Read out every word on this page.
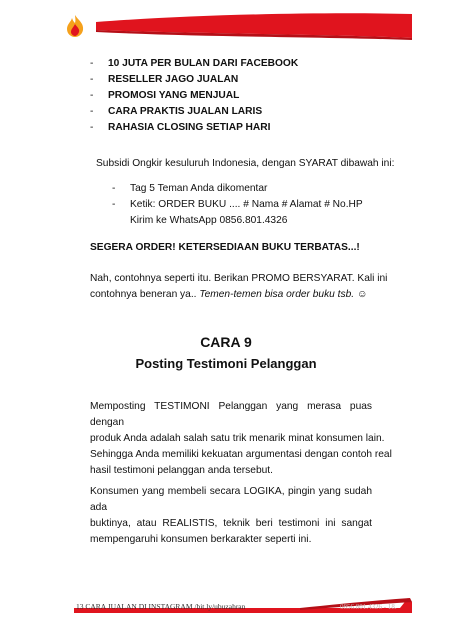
- 10 JUTA PER BULAN DARI FACEBOOK
- RESELLER JAGO JUALAN
- PROMOSI YANG MENJUAL
- CARA PRAKTIS JUALAN LARIS
- RAHASIA CLOSING SETIAP HARI
Subsidi Ongkir kesuluruh Indonesia, dengan SYARAT dibawah ini:
- Tag 5 Teman Anda dikomentar
- Ketik: ORDER BUKU .... # Nama # Alamat # No.HP
Kirim ke WhatsApp 0856.801.4326
SEGERA ORDER! KETERSEDIAAN BUKU TERBATAS...!
Nah, contohnya seperti itu. Berikan PROMO BERSYARAT. Kali ini
contohnya beneran ya.. Temen-temen bisa order buku tsb. ☺
CARA 9
Posting Testimoni Pelanggan
Memposting TESTIMONI Pelanggan yang merasa puas dengan
produk Anda adalah salah satu trik menarik minat konsumen lain.
Sehingga Anda memiliki kekuatan argumentasi dengan contoh real
hasil testimoni pelanggan anda tersebut.
Konsumen yang membeli secara LOGIKA, pingin yang sudah ada
buktinya, atau REALISTIS, teknik beri testimoni ini sangat
mempengaruhi konsumen berkarakter seperti ini.
13 CARA JUALAN DI INSTAGRAM /bit.ly/ubuzahran	0856.801.4326 - 18.
